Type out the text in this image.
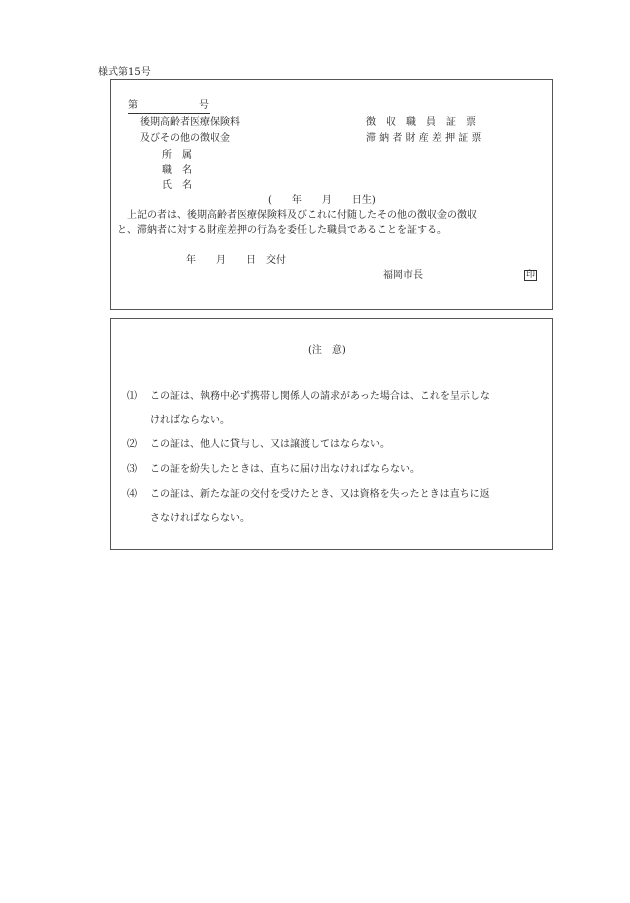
様式第15号
第	号
後期高齢者医療保険料
及びその他の徴収金
徴　収　職　員　証　票
滞 納 者 財 産 差 押 証 票
所　属
職　名
氏　名
(　　年　　月　　日生)
上記の者は、後期高齢者医療保険料及びこれに付随したその他の徴収金の徴収
と、滞納者に対する財産差押の行為を委任した職員であることを証する。
年　　月　　日　交付
福岡市長	印
(注　意)
⑴ この証は、執務中必ず携帯し関係人の請求があった場合は、これを呈示しな
ければならない。
⑵ この証は、他人に貸与し、又は譲渡してはならない。
⑶ この証を紛失したときは、直ちに届け出なければならない。
⑷ この証は、新たな証の交付を受けたとき、又は資格を失ったときは直ちに返
さなければならない。
